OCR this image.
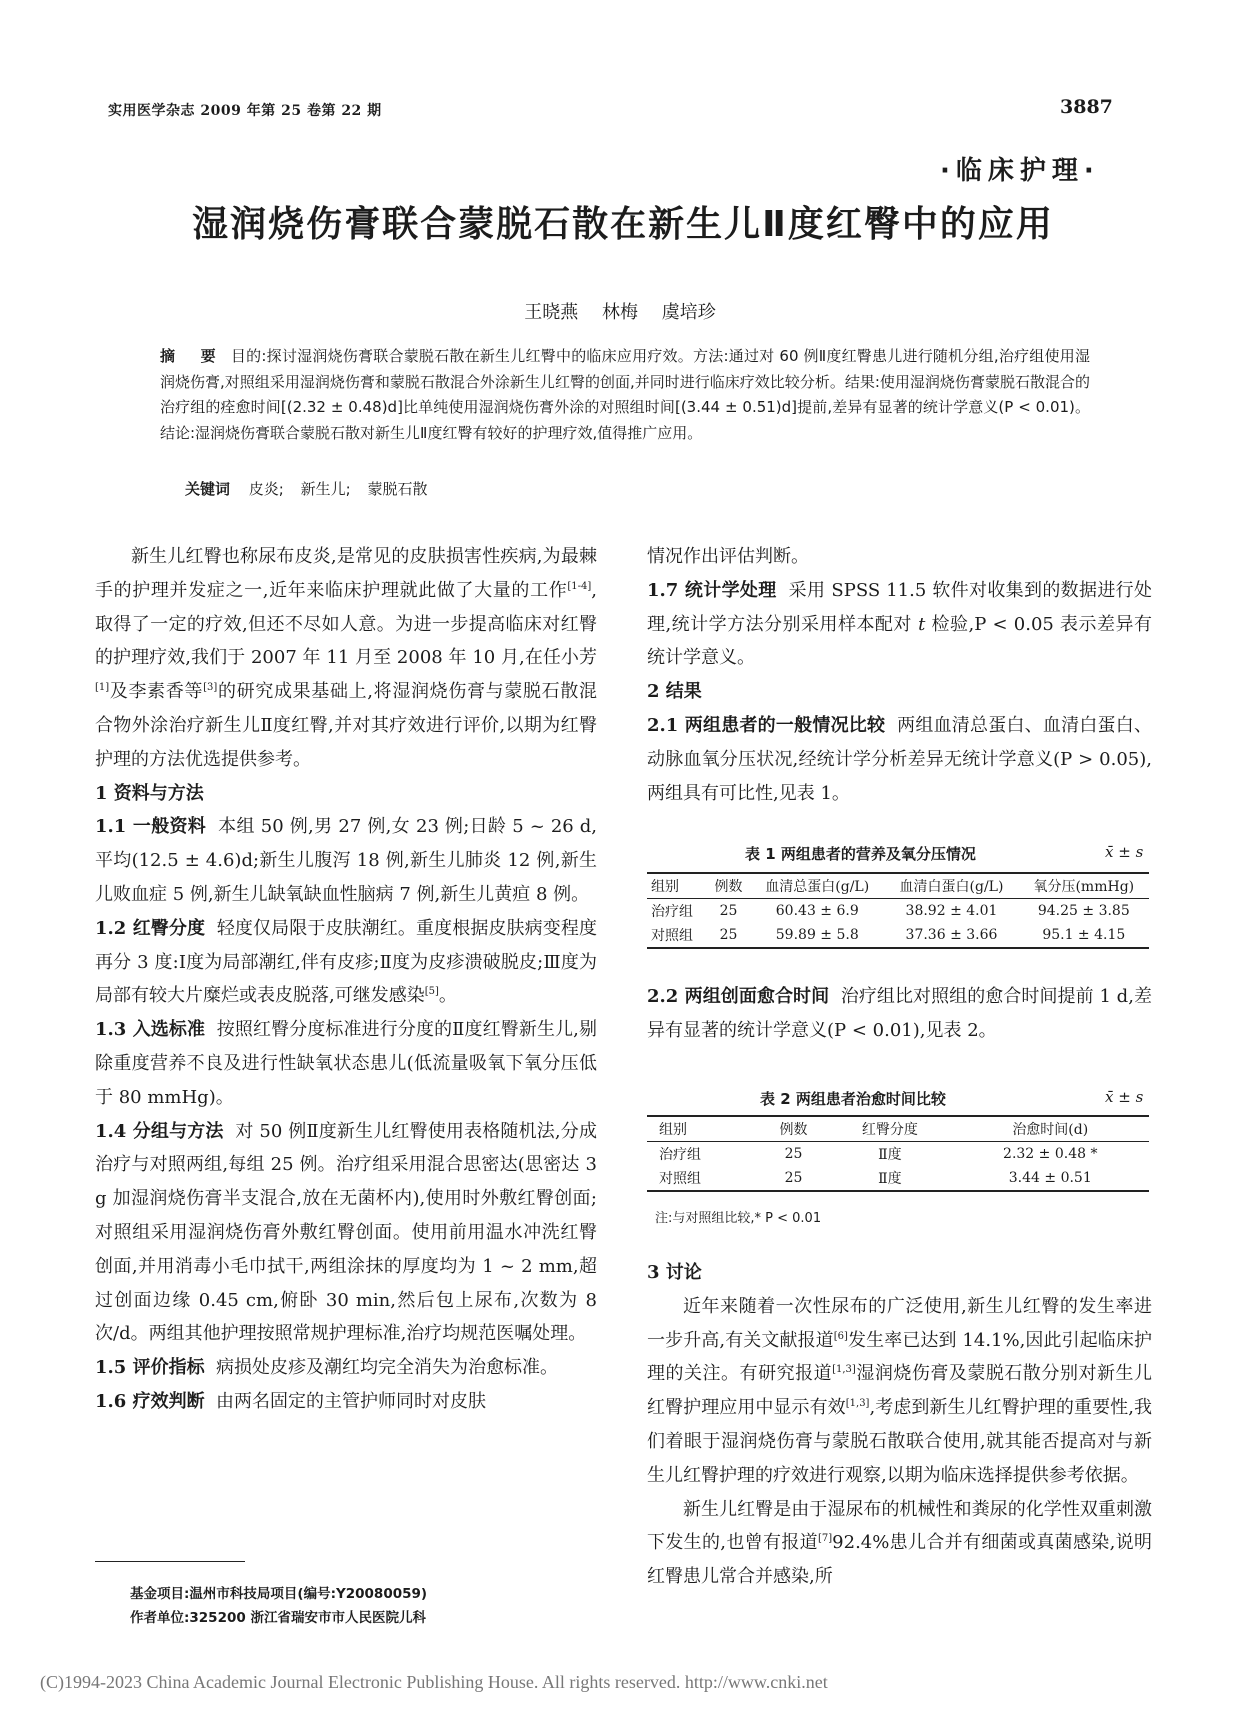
实用医学杂志 2009 年第 25 卷第 22 期	3887
·临床护理·
湿润烧伤膏联合蒙脱石散在新生儿Ⅱ度红臀中的应用
王晓燕 林梅 虞培珍
摘 要 目的:探讨湿润烧伤膏联合蒙脱石散在新生儿红臀中的临床应用疗效。方法:通过对 60 例Ⅱ度红臀患儿进行随机分组,治疗组使用湿润烧伤膏,对照组采用湿润烧伤膏和蒙脱石散混合外涂新生儿红臀的创面,并同时进行临床疗效比较分析。结果:使用湿润烧伤膏蒙脱石散混合的治疗组的痊愈时间[(2.32 ± 0.48)d]比单纯使用湿润烧伤膏外涂的对照组时间[(3.44 ± 0.51)d]提前,差异有显著的统计学意义(P < 0.01)。结论:湿润烧伤膏联合蒙脱石散对新生儿Ⅱ度红臀有较好的护理疗效,值得推广应用。
关键词 皮炎; 新生儿; 蒙脱石散

新生儿红臀也称尿布皮炎,是常见的皮肤损害性疾病,为最棘手的护理并发症之一,近年来临床护理就此做了大量的工作[1-4],取得了一定的疗效,但还不尽如人意。为进一步提高临床对红臀的护理疗效,我们于 2007 年 11 月至 2008 年 10 月,在任小芳[1]及李素香等[3]的研究成果基础上,将湿润烧伤膏与蒙脱石散混合物外涂治疗新生儿Ⅱ度红臀,并对其疗效进行评价,以期为红臀护理的方法优选提供参考。

1 资料与方法

1.1 一般资料 本组 50 例,男 27 例,女 23 例;日龄 5 ~ 26 d,平均(12.5 ± 4.6)d;新生儿腹泻 18 例,新生儿肺炎 12 例,新生儿败血症 5 例,新生儿缺氧缺血性脑病 7 例,新生儿黄疸 8 例。

1.2 红臀分度 轻度仅局限于皮肤潮红。重度根据皮肤病变程度再分 3 度:Ⅰ度为局部潮红,伴有皮疹;Ⅱ度为皮疹溃破脱皮;Ⅲ度为局部有较大片糜烂或表皮脱落,可继发感染[5]。

1.3 入选标准 按照红臀分度标准进行分度的Ⅱ度红臀新生儿,剔除重度营养不良及进行性缺氧状态患儿(低流量吸氧下氧分压低于 80 mmHg)。

1.4 分组与方法 对 50 例Ⅱ度新生儿红臀使用表格随机法,分成治疗与对照两组,每组 25 例。治疗组采用混合思密达(思密达 3 g 加湿润烧伤膏半支混合,放在无菌杯内),使用时外敷红臀创面;对照组采用湿润烧伤膏外敷红臀创面。使用前用温水冲洗红臀创面,并用消毒小毛巾拭干,两组涂抹的厚度均为 1 ~ 2 mm,超过创面边缘 0.45 cm,俯卧 30 min,然后包上尿布,次数为 8 次/d。两组其他护理按照常规护理标准,治疗均规范医嘱处理。

1.5 评价指标 病损处皮疹及潮红均完全消失为治愈标准。

1.6 疗效判断 由两名固定的主管护师同时对皮肤

情况作出评估判断。

1.7 统计学处理 采用 SPSS 11.5 软件对收集到的数据进行处理,统计学方法分别采用样本配对 t 检验,P < 0.05 表示差异有统计学意义。

2 结果

2.1 两组患者的一般情况比较 两组血清总蛋白、血清白蛋白、动脉血氧分压状况,经统计学分析差异无统计学意义(P > 0.05),两组具有可比性,见表 1。

表 1 两组患者的营养及氧分压情况	x̄ ± s
组别	例数	血清总蛋白(g/L)	血清白蛋白(g/L)	氧分压(mmHg)
治疗组	25	60.43 ± 6.9	38.92 ± 4.01	94.25 ± 3.85
对照组	25	59.89 ± 5.8	37.36 ± 3.66	95.1 ± 4.15

2.2 两组创面愈合时间 治疗组比对照组的愈合时间提前 1 d,差异有显著的统计学意义(P < 0.01),见表 2。

表 2 两组患者治愈时间比较	x̄ ± s
组别	例数	红臀分度	治愈时间(d)
治疗组	25	Ⅱ度	2.32 ± 0.48 *
对照组	25	Ⅱ度	3.44 ± 0.51
注:与对照组比较,* P < 0.01

3 讨论

近年来随着一次性尿布的广泛使用,新生儿红臀的发生率进一步升高,有关文献报道[6]发生率已达到 14.1%,因此引起临床护理的关注。有研究报道[1,3]湿润烧伤膏及蒙脱石散分别对新生儿红臀护理应用中显示有效[1,3],考虑到新生儿红臀护理的重要性,我们着眼于湿润烧伤膏与蒙脱石散联合使用,就其能否提高对与新生儿红臀护理的疗效进行观察,以期为临床选择提供参考依据。

新生儿红臀是由于湿尿布的机械性和粪尿的化学性双重刺激下发生的,也曾有报道[7]92.4%患儿合并有细菌或真菌感染,说明红臀患儿常合并感染,所

基金项目:温州市科技局项目(编号:Y20080059)
作者单位:325200 浙江省瑞安市市人民医院儿科
(C)1994-2023 China Academic Journal Electronic Publishing House. All rights reserved. http://www.cnki.net
